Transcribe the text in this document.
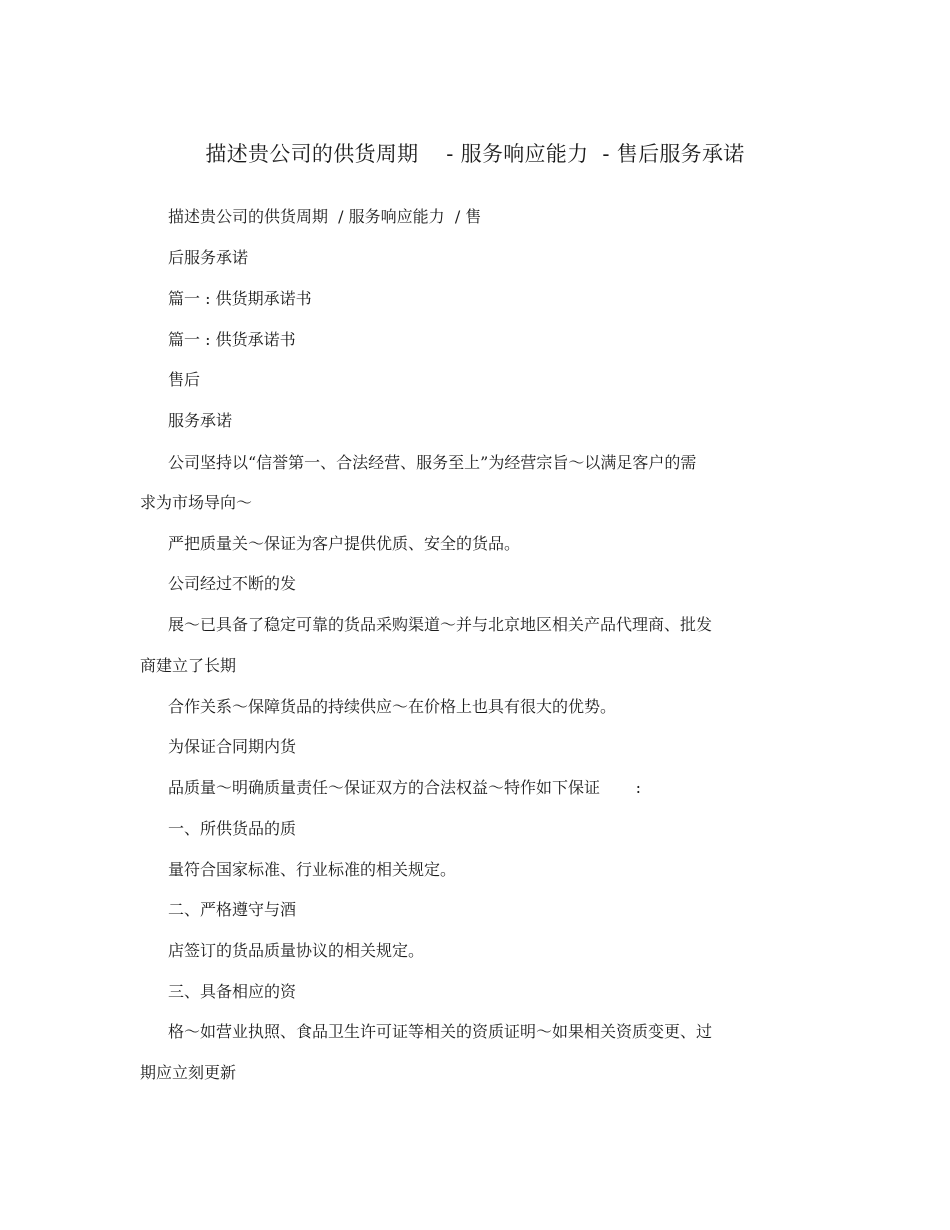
描述贵公司的供货周期    - 服务响应能力  - 售后服务承诺
描述贵公司的供货周期  / 服务响应能力  / 售
后服务承诺
篇一 : 供货期承诺书
篇一 : 供货承诺书
售后
服务承诺
公司坚持以“信誉第一、合法经营、服务至上”为经营宗旨～以满足客户的需
求为市场导向～
严把质量关～保证为客户提供优质、安全的货品。
公司经过不断的发
展～已具备了稳定可靠的货品采购渠道～并与北京地区相关产品代理商、批发
商建立了长期
合作关系～保障货品的持续供应～在价格上也具有很大的优势。
为保证合同期内货
品质量～明确质量责任～保证双方的合法权益～特作如下保证       :
一、所供货品的质
量符合国家标准、行业标准的相关规定。
二、严格遵守与酒
店签订的货品质量协议的相关规定。
三、具备相应的资
格～如营业执照、食品卫生许可证等相关的资质证明～如果相关资质变更、过
期应立刻更新
